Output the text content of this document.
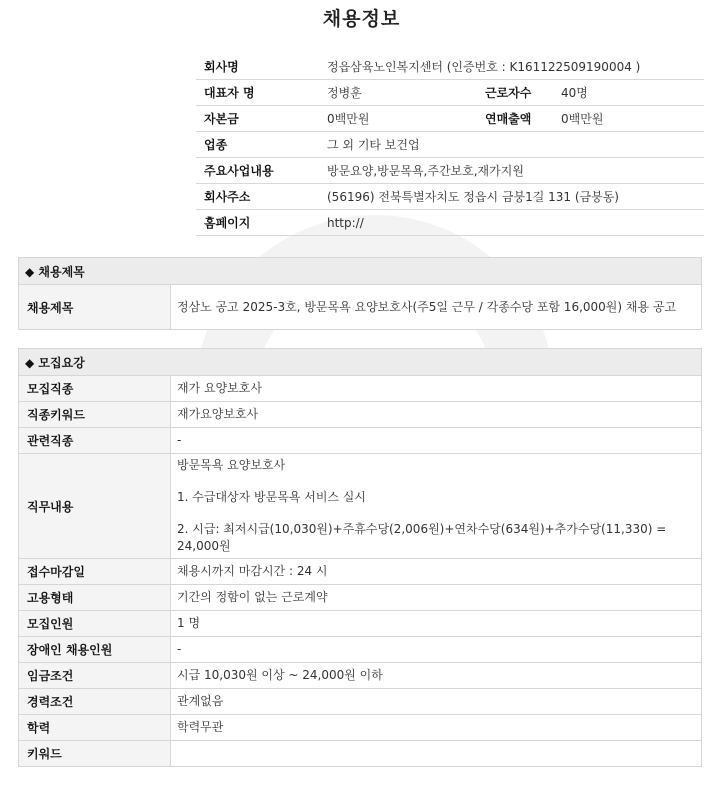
채용정보
회사명	정읍삼육노인복지센터 (인증번호 : K161122509190004 )		
대표자 명	정병훈	근로자수	40명
자본금	0백만원	연매출액	0백만원
업종	그 외 기타 보건업		
주요사업내용	방문요양,방문목욕,주간보호,재가지원		
회사주소	(56196) 전북특별자치도 정읍시 금붕1길 131 (금붕동)		
홈페이지	http://		
◆ 채용제목
채용제목	정삼노 공고 2025-3호, 방문목욕 요양보호사(주5일 근무 / 각종수당 포함 16,000원) 채용 공고
◆ 모집요강	
모집직종	재가 요양보호사
직종키워드	재가요양보호사
관련직종	-
직무내용	방문목욕 요양보호사

1. 수급대상자 방문목욕 서비스 실시

2. 시급: 최저시급(10,030원)+주휴수당(2,006원)+연차수당(634원)+추가수당(11,330) = 24,000원

접수마감일	채용시까지 마감시간 : 24 시
고용형태	기간의 정함이 없는 근로계약
모집인원	1 명
장애인 채용인원	-
임금조건	시급 10,030원 이상 ~ 24,000원 이하
경력조건	관계없음
학력	학력무관
키워드	
